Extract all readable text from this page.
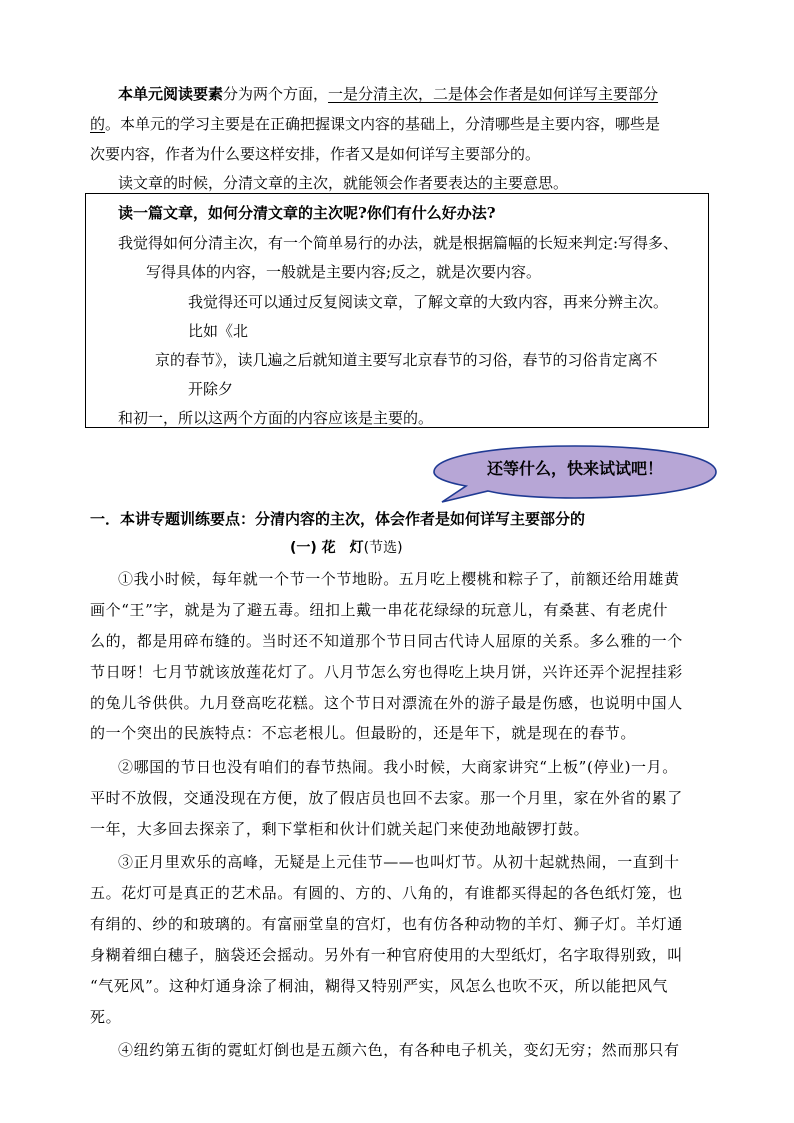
本单元阅读要素分为两个方面，一是分清主次，二是体会作者是如何详写主要部分
的。本单元的学习主要是在正确把握课文内容的基础上，分清哪些是主要内容，哪些是
次要内容，作者为什么要这样安排，作者又是如何详写主要部分的。
读文章的时候，分清文章的主次，就能领会作者要表达的主要意思。
读一篇文章，如何分清文章的主次呢?你们有什么好办法?
我觉得如何分清主次，有一个简单易行的办法，就是根据篇幅的长短来判定:写得多、
写得具体的内容，一般就是主要内容;反之，就是次要内容。
我觉得还可以通过反复阅读文章，了解文章的大致内容，再来分辨主次。
比如《北
京的春节》，读几遍之后就知道主要写北京春节的习俗，春节的习俗肯定离不
开除夕
和初一，所以这两个方面的内容应该是主要的。
还等什么，快来试试吧！
一．本讲专题训练要点：分清内容的主次，体会作者是如何详写主要部分的
(一) 花　灯(节选)
①我小时候，每年就一个节一个节地盼。五月吃上樱桃和粽子了，前额还给用雄黄
画个“王”字，就是为了避五毒。纽扣上戴一串花花绿绿的玩意儿，有桑葚、有老虎什
么的，都是用碎布缝的。当时还不知道那个节日同古代诗人屈原的关系。多么雅的一个
节日呀！七月节就该放莲花灯了。八月节怎么穷也得吃上块月饼，兴许还弄个泥捏挂彩
的兔儿爷供供。九月登高吃花糕。这个节日对漂流在外的游子最是伤感，也说明中国人
的一个突出的民族特点：不忘老根儿。但最盼的，还是年下，就是现在的春节。
②哪国的节日也没有咱们的春节热闹。我小时候，大商家讲究“上板”(停业)一月。
平时不放假，交通没现在方便，放了假店员也回不去家。那一个月里，家在外省的累了
一年，大多回去探亲了，剩下掌柜和伙计们就关起门来使劲地敲锣打鼓。
③正月里欢乐的高峰，无疑是上元佳节——也叫灯节。从初十起就热闹，一直到十
五。花灯可是真正的艺术品。有圆的、方的、八角的，有谁都买得起的各色纸灯笼，也
有绢的、纱的和玻璃的。有富丽堂皇的宫灯，也有仿各种动物的羊灯、狮子灯。羊灯通
身糊着细白穗子，脑袋还会摇动。另外有一种官府使用的大型纸灯，名字取得别致，叫
“气死风”。这种灯通身涂了桐油，糊得又特别严实，风怎么也吹不灭，所以能把风气
死。
④纽约第五街的霓虹灯倒也是五颜六色，有各种电子机关，变幻无穷；然而那只有
